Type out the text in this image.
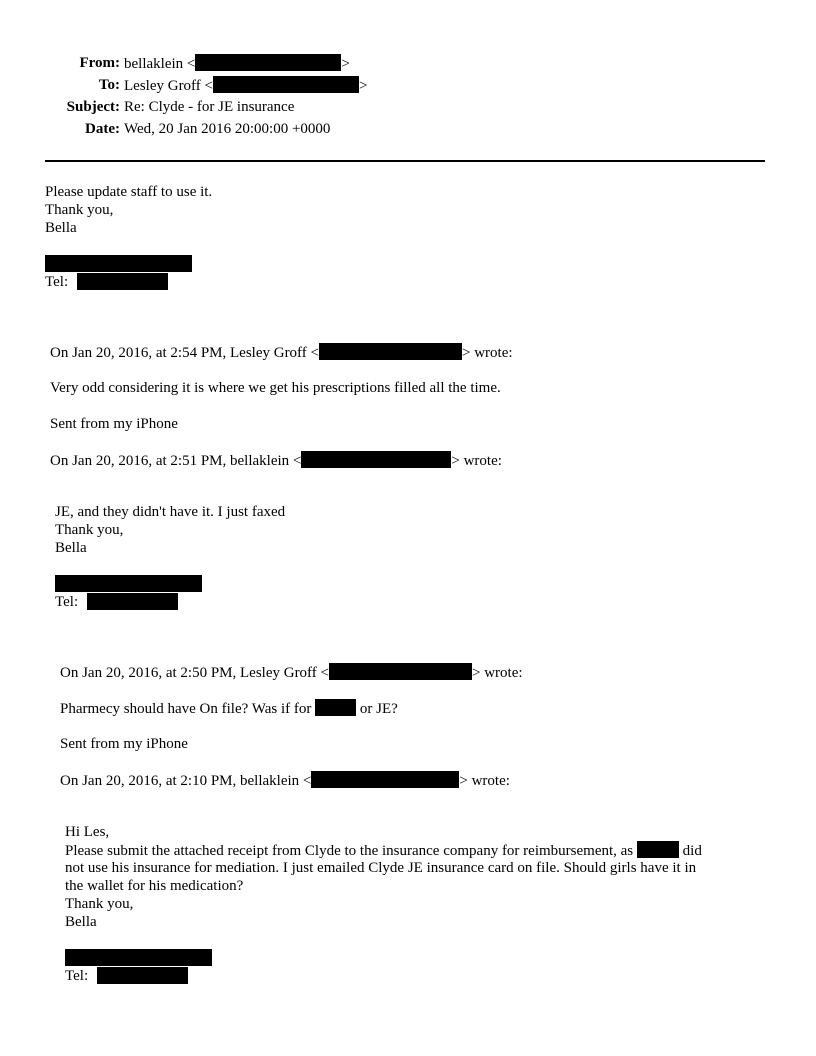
From: bellaklein <	>
To: Lesley Groff <	>
Subject: Re: Clyde - for JE insurance
Date: Wed, 20 Jan 2016 20:00:00 +0000
Please update staff to use it.
Thank you,
Bella
Tel:
On Jan 20, 2016, at 2:54 PM, Lesley Groff <	> wrote:
Very odd considering it is where we get his prescriptions filled all the time.
Sent from my iPhone
On Jan 20, 2016, at 2:51 PM, bellaklein <	> wrote:
JE, and they didn't have it. I just faxed
Thank you,
Bella
Tel:
On Jan 20, 2016, at 2:50 PM, Lesley Groff <	> wrote:
Pharmecy should have On file? Was if for	or JE?
Sent from my iPhone
On Jan 20, 2016, at 2:10 PM, bellaklein <	> wrote:
Hi Les,
Please submit the attached receipt from Clyde to the insurance company for reimbursement, as	did
not use his insurance for mediation. I just emailed Clyde JE insurance card on file. Should girls have it in
the wallet for his medication?
Thank you,
Bella
Tel:
